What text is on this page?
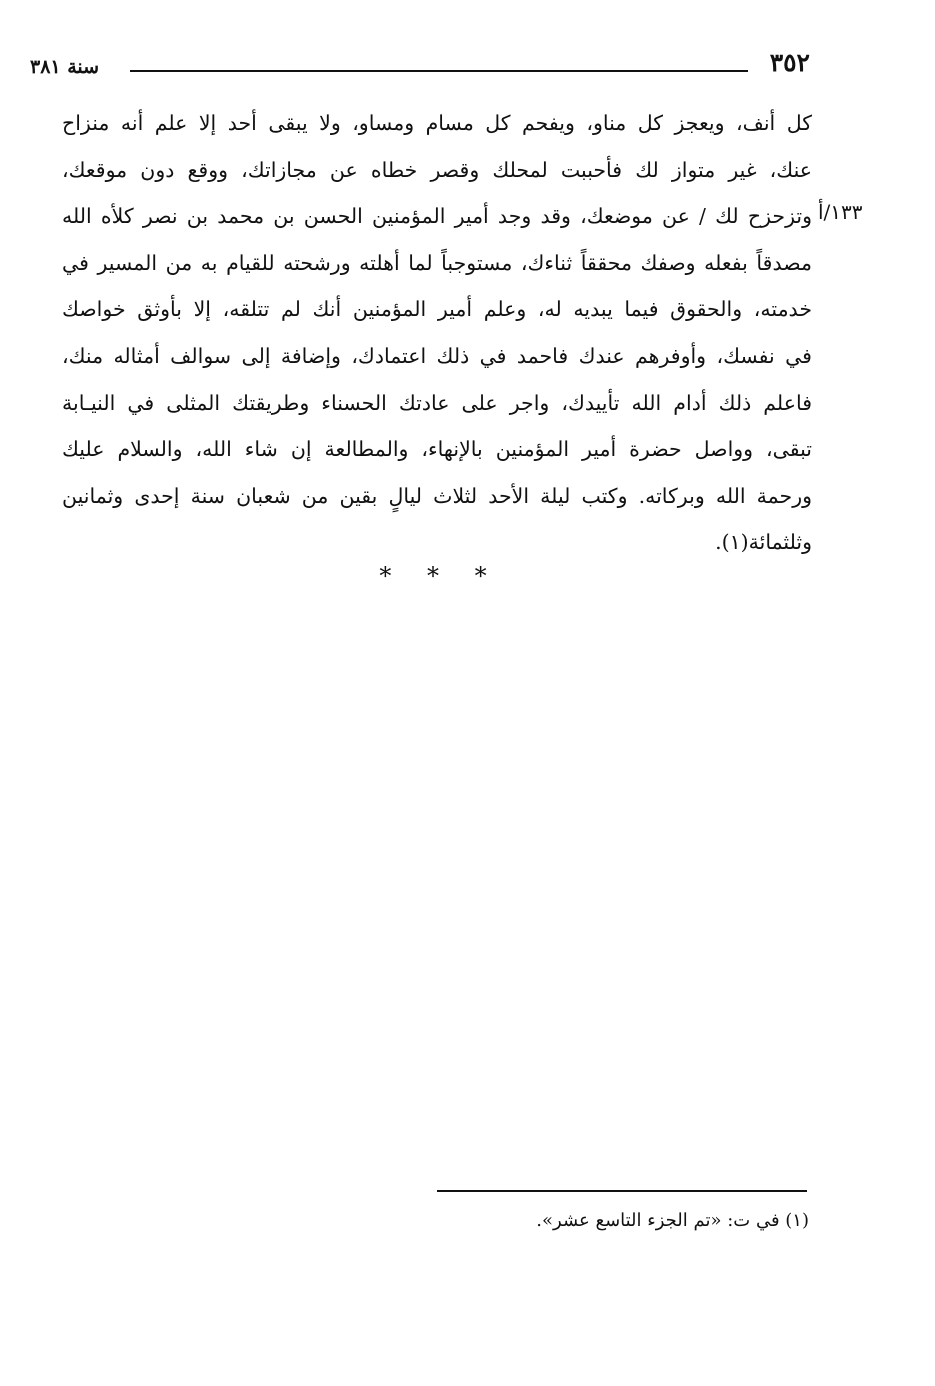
٣٥٢
سنة ٣٨١
١٣٣/أ
كل أنف، ويعجز كل مناو، ويفحم كل مسام ومساو، ولا يبقى أحد إلا علم أنه منزاح
عنك، غير متواز لك فأحببت لمحلك وقصر خطاه عن مجازاتك، ووقع دون موقعك،
وتزحزح لك / عن موضعك، وقد وجد أمير المؤمنين الحسن بن محمد بن نصر كلأه الله
مصدقاً بفعله وصفك محققاً ثناءك، مستوجباً لما أهلته ورشحته للقيام به من المسير في
خدمته، والحقوق فيما يبديه له، وعلم أمير المؤمنين أنك لم تتلقه، إلا بأوثق خواصك
في نفسك، وأوفرهم عندك فاحمد في ذلك اعتمادك، وإضافة إلى سوالف أمثاله منك،
فاعلم ذلك أدام الله تأييدك، واجر على عادتك الحسناء وطريقتك المثلى في النيـابة
تبقى، وواصل حضرة أمير المؤمنين بالإنهاء، والمطالعة إن شاء الله، والسلام عليك
ورحمة الله وبركاته. وكتب ليلة الأحد لثلاث ليالٍ بقين من شعبان سنة إحدى وثمانين
وثلثمائة(١).
* * *
(١) في ت: «تم الجزء التاسع عشر».
